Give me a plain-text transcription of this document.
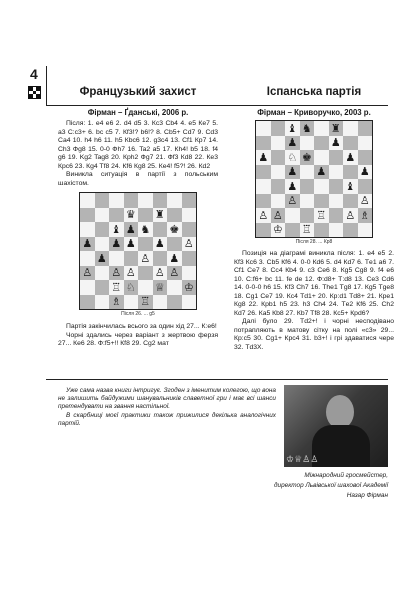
4
Французький захист
Фірман – Ґданські, 2006 р.

Після: 1. е4 е6 2. d4 d5 3. Кс3 Сb4 4. е5 Ке7 5. а3 С:с3+ 6. bс с5 7. Кf3!? b6!? 8. Cb5+ Сd7 9. Сd3 Са4 10. h4 h6 11. h5 Кbc6 12. g3c4 13. Сf1 Кр7 14. Сh3 Фg8 15. 0-0 Фh7 16. Ta2 а5 17. Кh4! b5 18. f4 g6 19. Kg2 Tag8 20. Кph2 Фg7 21. Фf3 Кd8 22. Ке3 Крс6 23. Кg4 Tf8 24. Кf6 Кg8 25. Ке4! f5?! 26. Кd2

Виникла ситуація в партії з польським шахістом.

♛ ♜
♝ ♟ ♞ ♚
♟ ♟ ♟ ♟ ♙
♟	♙ ♟
♙ ♙ ♙ ♙ ♙
♖ ♘ ♕ ♔
♗ ♖
Після 26. ... g5

Партія закінчилась всього за один хід 27... К:е6!

Чорні здались через варіант з жертвою ферзя 27... Кe6 28. Ф:f5+!! Кf8 29. Сg2 мат

Іспанська партія
Фірман – Криворучко, 2003 р.
♝ ♞ ♜
♟	♟
♟ ♘ ♚	♟
♟ ♟	♟
♟	♝
♙	♙
♙ ♙	♖ ♙ ♗
♔ ♖
Після 28. ... Кр8

Позиція на діаграмі виникла після: 1. е4 е5 2. Кf3 Кс6 3. Сb5 Кf6 4. 0-0 Кd6 5. d4 Кd7 6. Тe1 а6 7. Сf1 Се7 8. Сc4 Кb4 9. с3 Се6 8. Кg5 Сg8 9. f4 е6 10. С:f6+ bc 11. fe de 12. Ф:d8+ Т:d8 13. Се3 Сd6 14. 0-0-0 h6 15. Кf3 Сh7 16. Тhe1 Tg8 17. Кg5 Тge8 18. Сg1 Се7 19. Кс4 Тd1+ 20. Кр:d1 Тd8+ 21. Кре1 Кg8 22. Крb1 h5 23. h3 Сh4 24. Тe2 Кf6 25. Сh2 Кd7 26. Ка5 Кb8 27. Кb7 Tf8 28. Кс5+ Крd6?

Далі було 29. Тd2+! і чорні несподівано потрапляють в матову сітку на полі «с3» 29... Кр:с5 30. Сg1+ Крс4 31. b3+! і грі здаватися чере 32. Тd3Х.

Уже сама назва книги інтригує. Згоден з іменитим колегою, що вона не залишить байдужими шанувальників славетної гри і має всі шанси претендувати на звання настільної.

В скарбниці моєї практики також прижилися декілька аналогічних партій.

♔♕♙♙
Міжнародний гросмейстер,
директор Львівської шахової Академії
Назар Фірман
